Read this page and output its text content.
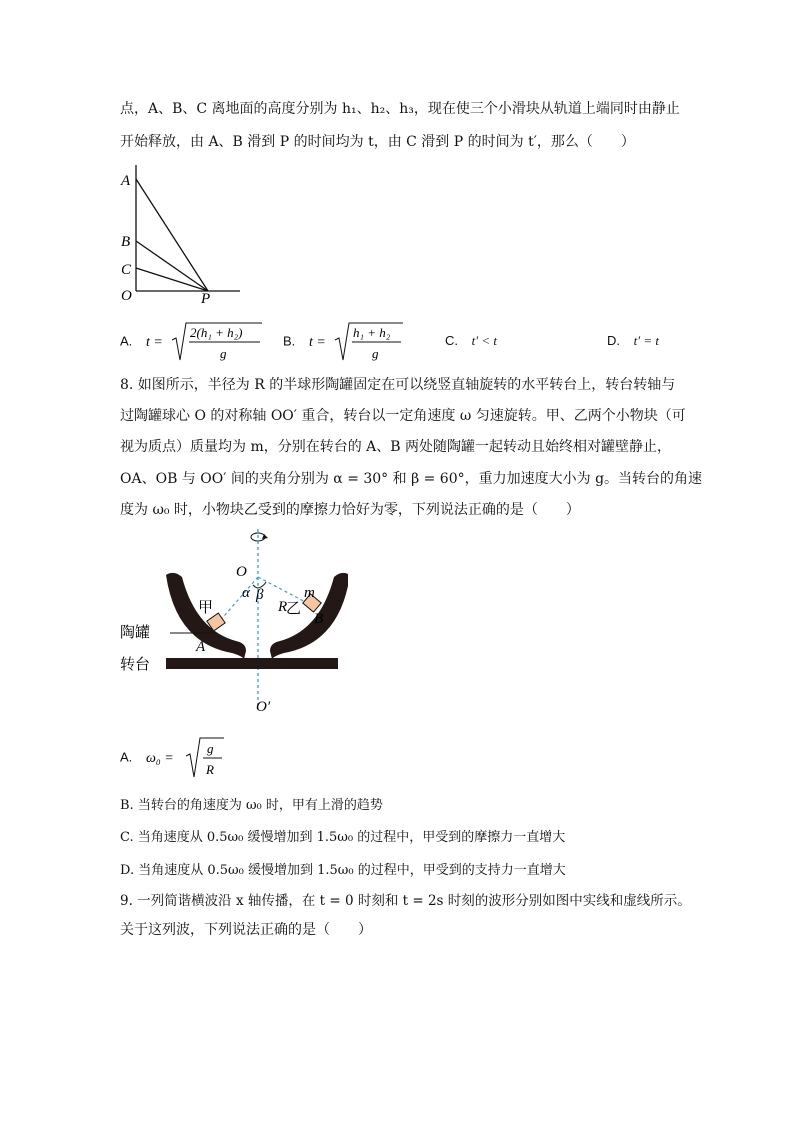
点，A、B、C 离地面的高度分别为 h₁、h₂、h₃，现在使三个小滑块从轨道上端同时由静止
开始释放，由 A、B 滑到 P 的时间均为 t，由 C 滑到 P 的时间为 t′，那么（　　）
A
B
C
O	P
A. t =
2(h₁ + h₂)
g
B. t =
h₁ + h₂
g
C. t′ < t	D. t′ = t
8. 如图所示，半径为 R 的半球形陶罐固定在可以绕竖直轴旋转的水平转台上，转台转轴与
过陶罐球心 O 的对称轴 OO′ 重合，转台以一定角速度 ω 匀速旋转。甲、乙两个小物块（可
视为质点）质量均为 m，分别在转台的 A、B 两处随陶罐一起转动且始终相对罐壁静止，
OA、OB 与 OO′ 间的夹角分别为 α = 30° 和 β = 60°，重力加速度大小为 g。当转台的角速
度为 ω₀ 时，小物块乙受到的摩擦力恰好为零，下列说法正确的是（　　）
O
R
m
甲	乙
α β
A
B
陶罐
转台
O′
A. ω₀ =
g
R
B. 当转台的角速度为 ω₀ 时，甲有上滑的趋势
C. 当角速度从 0.5ω₀ 缓慢增加到 1.5ω₀ 的过程中，甲受到的摩擦力一直增大
D. 当角速度从 0.5ω₀ 缓慢增加到 1.5ω₀ 的过程中，甲受到的支持力一直增大
9. 一列简谐横波沿 x 轴传播，在 t = 0 时刻和 t = 2s 时刻的波形分别如图中实线和虚线所示。
关于这列波，下列说法正确的是（　　）
